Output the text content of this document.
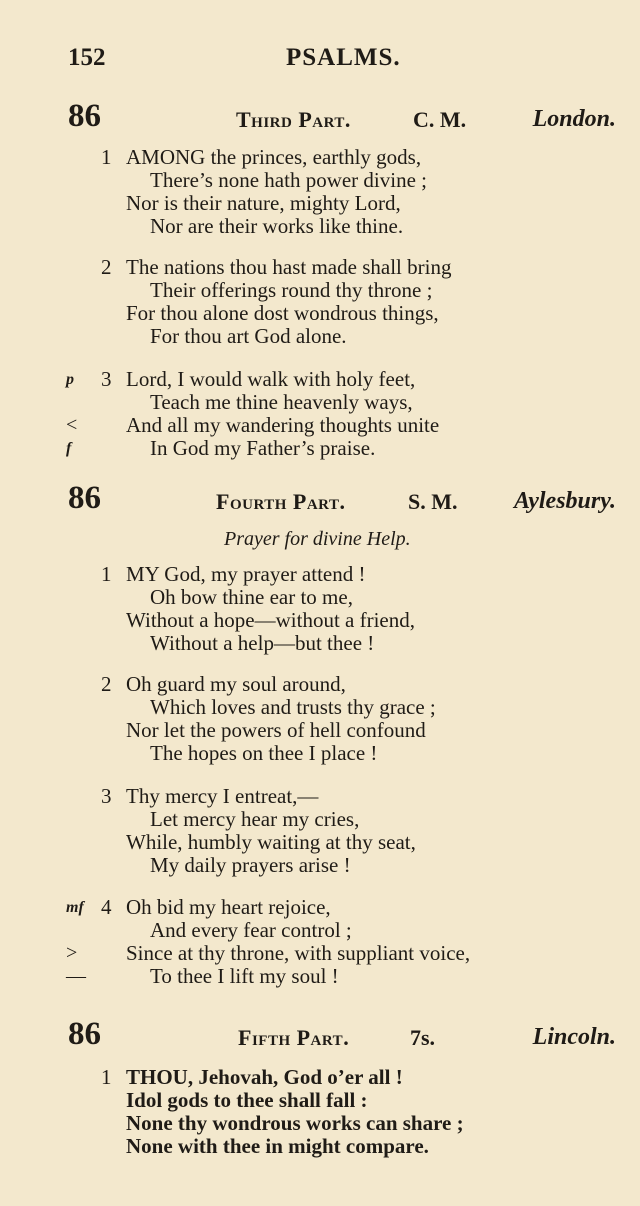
152	PSALMS.
86	Third Part.	C. M.	London.
1 AMONG the princes, earthly gods,
There’s none hath power divine ;
Nor is their nature, mighty Lord,
Nor are their works like thine.
2 The nations thou hast made shall bring
Their offerings round thy throne ;
For thou alone dost wondrous things,
For thou art God alone.
p 3 Lord, I would walk with holy feet,
Teach me thine heavenly ways,
< And all my wandering thoughts unite
f	In God my Father’s praise.
86	Fourth Part.	S. M. Aylesbury.
Prayer for divine Help.
1 MY God, my prayer attend !
Oh bow thine ear to me,
Without a hope—without a friend,
Without a help—but thee !
2 Oh guard my soul around,
Which loves and trusts thy grace ;
Nor let the powers of hell confound
The hopes on thee I place !
3 Thy mercy I entreat,—
Let mercy hear my cries,
While, humbly waiting at thy seat,
My daily prayers arise !
mf 4 Oh bid my heart rejoice,
And every fear control ;
> Since at thy throne, with suppliant voice,
—	To thee I lift my soul !
86	Fifth Part.	7s.	Lincoln.
1 THOU, Jehovah, God o’er all !
Idol gods to thee shall fall :
None thy wondrous works can share ;
None with thee in might compare.
